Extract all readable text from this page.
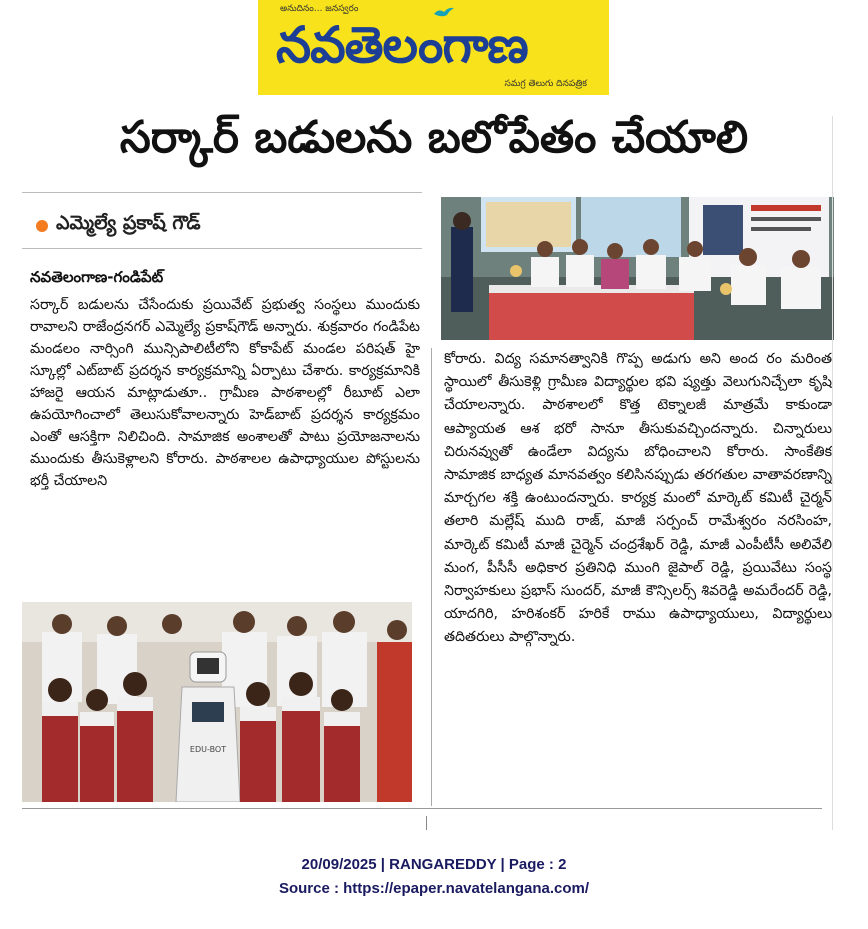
అనుదినం... జనస్వరం
నవతెలంగాణ
సమగ్ర తెలుగు దినపత్రిక
సర్కార్ బడులను బలోపేతం చేయాలి
ఎమ్మెల్యే ప్రకాష్ గౌడ్
నవతెలంగాణ-గండిపేట్
సర్కార్ బడులను చేసేందుకు ప్రయివేట్ ప్రభుత్వ సంస్థలు ముందుకు రావాలని రాజేంద్రనగర్ ఎమ్మెల్యే ప్రకాష్‌గౌడ్ అన్నారు. శుక్రవారం గండిపేట మండలం నార్సింగి మున్సిపాలిటీలోని కోకాపేట్ మండల పరిషత్ హై స్కూల్లో ఎట్‌బాట్ ప్రదర్శన కార్యక్రమాన్ని ఏర్పాటు చేశారు. కార్యక్రమానికి హాజరై ఆయన మాట్లాడుతూ.. గ్రామీణ పాఠశాలల్లో రీబూట్ ఎలా ఉపయోగించాలో తెలుసుకోవాలన్నారు హెడ్‌బాట్ ప్రదర్శన కార్యక్రమం ఎంతో ఆసక్తిగా నిలిచింది. సామాజిక అంశాలతో పాటు ప్రయోజనాలను ముందుకు తీసుకెళ్లాలని కోరారు. పాఠశాలల ఉపాధ్యాయుల పోస్టులను భర్తీ చేయాలని
కోరారు. విద్య సమానత్వానికి గొప్ప అడుగు అని అంద రం మరింత స్థాయిలో తీసుకెళ్లి గ్రామీణ విద్యార్థుల భవి ష్యత్తు వెలుగునిచ్చేలా కృషి చేయాలన్నారు. పాఠశాలలో కొత్త టెక్నాలజీ మాత్రమే కాకుండా ఆప్యాయత ఆశ భరో సానూ తీసుకువచ్చిందన్నారు. చిన్నారులు చిరునవ్వుతో ఉండేలా విద్యను బోధించాలని కోరారు. సాంకేతిక సామాజిక బాధ్యత మానవత్వం కలిసినప్పుడు తరగతుల వాతావరణాన్ని మార్చగల శక్తి ఉంటుందన్నారు. కార్యక్ర మంలో మార్కెట్ కమిటీ చైర్మన్ తలారి మల్లేష్ ముది రాజ్, మాజీ సర్పంచ్ రామేశ్వరం నరసింహ, మార్కెట్ కమిటీ మాజీ చైర్మెన్ చంద్రశేఖర్ రెడ్డి, మాజీ ఎంపీటీసీ అలివేలి మంగ, పీసీసీ అధికార ప్రతినిధి ముంగి జైపాల్ రెడ్డి, ప్రయివేటు సంస్థ నిర్వాహకులు ప్రభాస్ సుందర్, మాజీ కౌన్సిలర్స్ శివరెడ్డి అమరేందర్ రెడ్డి, యాదగిరి, హరిశంకర్ హరికే రాము ఉపాధ్యాయులు, విద్యార్థులు తదితరులు పాల్గొన్నారు.
EDU-BOT
20/09/2025 | RANGAREDDY | Page : 2
Source : https://epaper.navatelangana.com/
